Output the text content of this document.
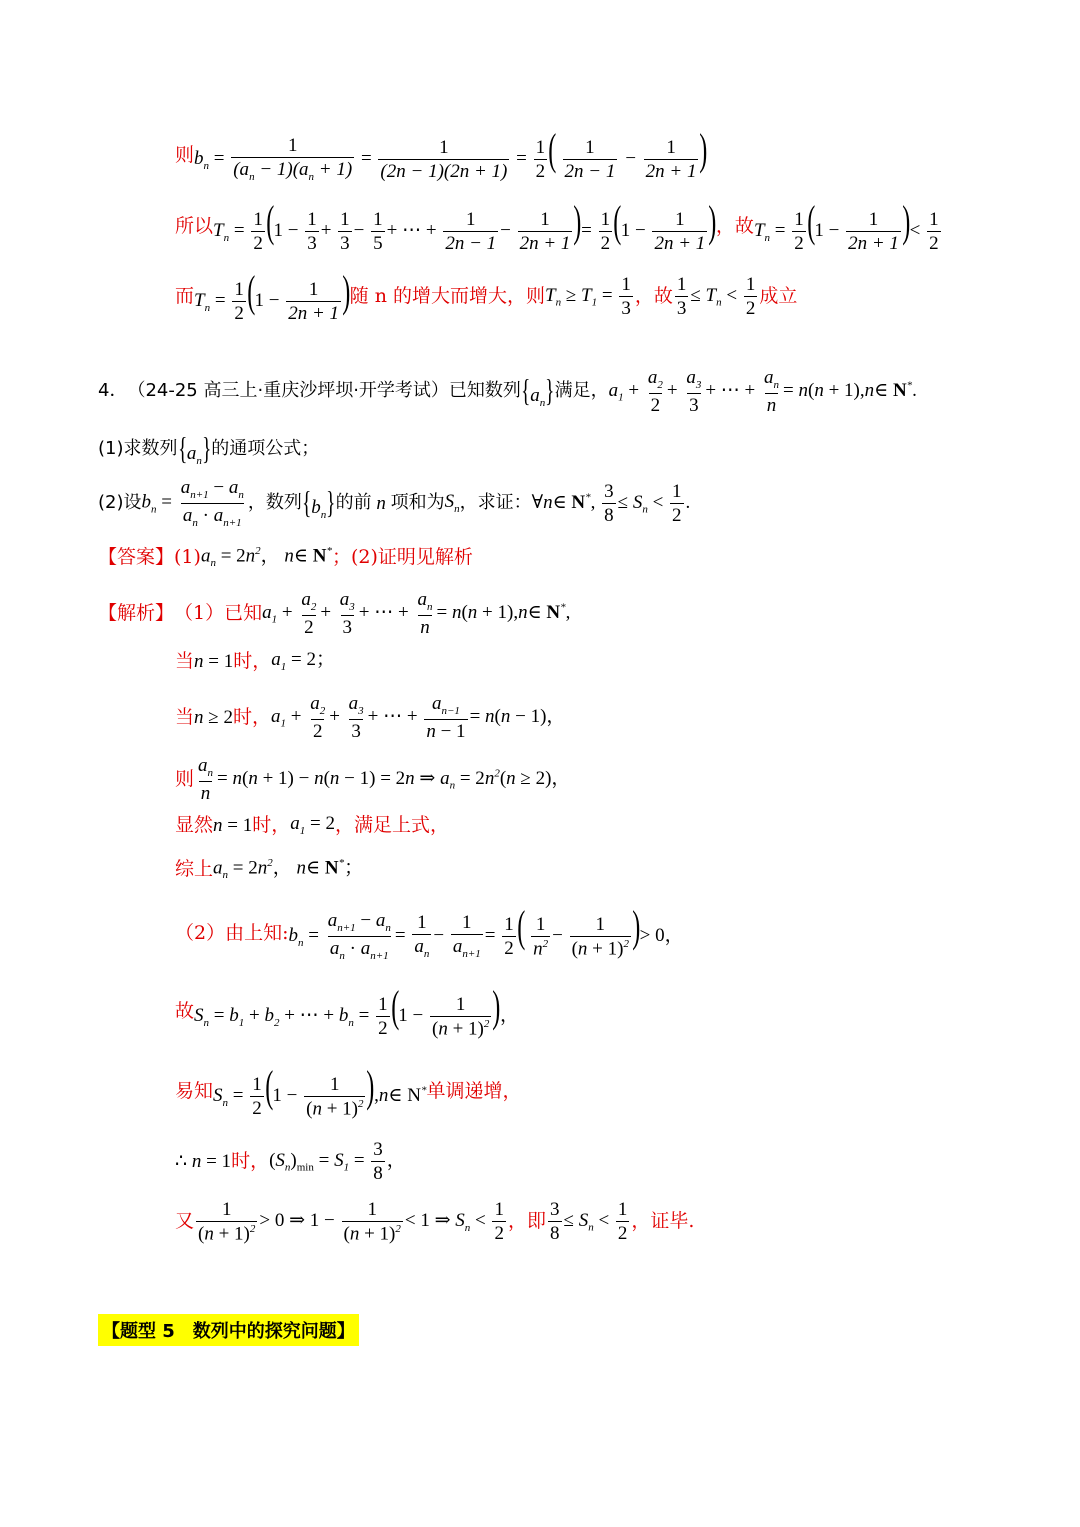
则 $b_n = \frac{1}{(a_n - 1)(a_n + 1)} = \frac{1}{(2n - 1)(2n + 1)} = \frac{1}{2}$ ( $\frac{1}{2n - 1} - \frac{1}{2n + 1}$ )
所以 $T_n = \frac{1}{2} (1 - \frac{1}{3} + \frac{1}{3} - \frac{1}{5}$ + ⋯ + $\frac{1}{2n - 1} - \frac{1}{2n + 1}$ )= $\frac{1}{2} (1 - \frac{1}{2n + 1}$ ) ，故 $T_n = \frac{1}{2} (1 - \frac{1}{2n + 1}$ )< $\frac{1}{2}$
而 $T_n = \frac{1}{2} (1 - \frac{1}{2n + 1}$ ) 随 n 的增大而增大，则 $T_n \ge T_1 = \frac{1}{3}$ ，故 $\frac{1}{3} \le T_n < \frac{1}{2}$ 成立
4． （24-25 高三上·重庆沙坪坝·开学考试）已知数列 $\{a_n\}$ 满足， $a_1 + \frac{a_2}{2} + \frac{a_3}{3}$ + ⋯ + $\frac{a_n}{n} = n(n$ + 1),n∈ N*.
(1)求数列 $\{a_n\}$ 的通项公式；
(2)设 $b_n = \frac{a_{n+1} - a_n}{a_n \cdot a_{n+1}}$ ，数列 $\{b_n\}$ 的前 n 项和为 $S_n$ ，求证： ∀n∈ N*, $\frac{3}{8} \le S_n < \frac{1}{2}$ .
【答案】 (1) $a_n = 2n^2$， n∈ N* ；(2)证明见解析
【解析】 （1）已知 $a_1 + \frac{a_2}{2} + \frac{a_3}{3}$ + ⋯ + $\frac{a_n}{n} = n(n$ + 1),n∈ N*,
当 n = 1 时， $a_1 = 2$；
当 n ≥ 2 时， $a_1 + \frac{a_2}{2} + \frac{a_3}{3}$ + ⋯ + $\frac{a_{n-1}}{n - 1} = n(n - 1)$，
则 $\frac{a_n}{n} = n(n + 1) - n(n - 1) = 2n$ ⇒ $a_n = 2n^2(n \ge 2)$，
显然 n = 1 时， $a_1 = 2$ ，满足上式，
综上 $a_n = 2n^2$， n∈ N*；
（2）由上知: $b_n = \frac{a_{n+1} - a_n}{a_n \cdot a_{n+1}} = \frac{1}{a_n} - \frac{1}{a_{n+1}} = \frac{1}{2}$ ( $\frac{1}{n^2} - \frac{1}{(n + 1)^2}$ )> 0，
故 $S_n = b_1 + b_2$ + ⋯ + $b_n = \frac{1}{2} (1 - \frac{1}{(n + 1)^2}$ )，
易知 $S_n = \frac{1}{2} (1 - \frac{1}{(n + 1)^2}$ ),n∈ N* 单调递增，
∴ n = 1 时， $(S_n)_{min} = S_1 = \frac{3}{8}$ ，
又 $\frac{1}{(n + 1)^2} > 0$ ⇒ $1 - \frac{1}{(n + 1)^2} < 1$ ⇒ $S_n < \frac{1}{2}$ ，即 $\frac{3}{8} \le S_n < \frac{1}{2}$ ，证毕.
【题型 5　数列中的探究问题】
